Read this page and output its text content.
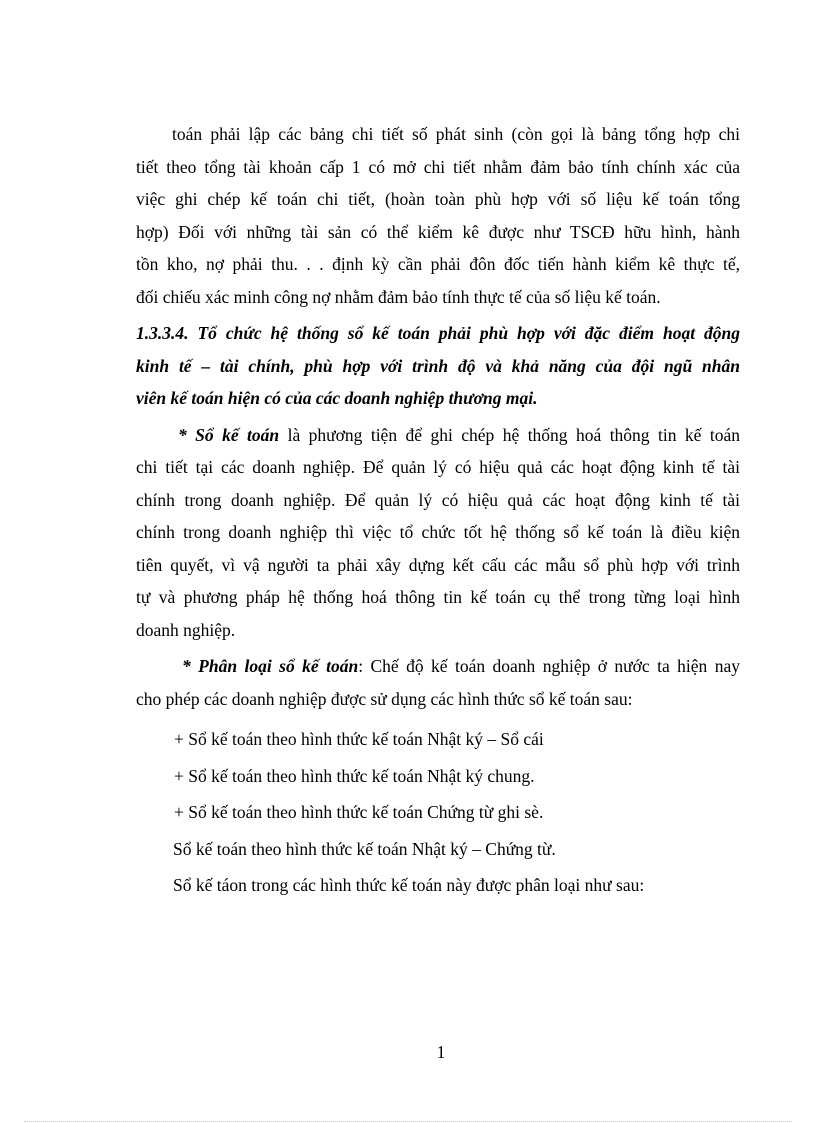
toán phải lập các bảng chi tiết số phát sinh (còn gọi là bảng tổng hợp chi
tiết theo tổng tài khoản cấp 1 có mở chi tiết nhằm đảm bảo tính chính xác của
việc ghi chép kế toán chi tiết, (hoàn toàn phù hợp với số liệu kế toán tổng
hợp) Đối với những tài sản có thể kiểm kê được như TSCĐ hữu hình, hành
tồn kho, nợ phải thu. . . định kỳ cần phải đôn đốc tiến hành kiểm kê thực tế,
đối chiếu xác minh công nợ nhằm đảm bảo tính thực tế của số liệu kế toán.
1.3.3.4. Tổ chức hệ thống sổ kế toán phải phù hợp với đặc điểm hoạt động
kinh tế – tài chính, phù hợp với trình độ và khả năng của đội ngũ nhân
viên kế toán hiện có của các doanh nghiệp thương mại.
* Sổ kế toán là phương tiện để ghi chép hệ thống hoá thông tin kế toán
chi tiết tại các doanh nghiệp. Để quản lý có hiệu quả các hoạt động kinh tế tài
chính trong doanh nghiệp. Để quản lý có hiệu quả các hoạt động kinh tế tài
chính trong doanh nghiệp thì việc tổ chức tốt hệ thống sổ kế toán là điều kiện
tiên quyết, vì vậ người ta phải xây dựng kết cấu các mẫu sổ phù hợp với trình
tự và phương pháp hệ thống hoá thông tin kế toán cụ thể trong từng loại hình
doanh nghiệp.
* Phân loại sổ kế toán: Chế độ kế toán doanh nghiệp ở nước ta hiện nay
cho phép các doanh nghiệp được sử dụng các hình thức sổ kế toán sau:
+ Sổ kế toán theo hình thức kế toán Nhật ký – Sổ cái
+ Sổ kế toán theo hình thức kế toán Nhật ký chung.
+ Sổ kế toán theo hình thức kế toán Chứng từ ghi sè.
Sổ kế toán theo hình thức kế toán Nhật ký – Chứng từ.
Sổ kế táon trong các hình thức kế toán này được phân loại như sau:
1
